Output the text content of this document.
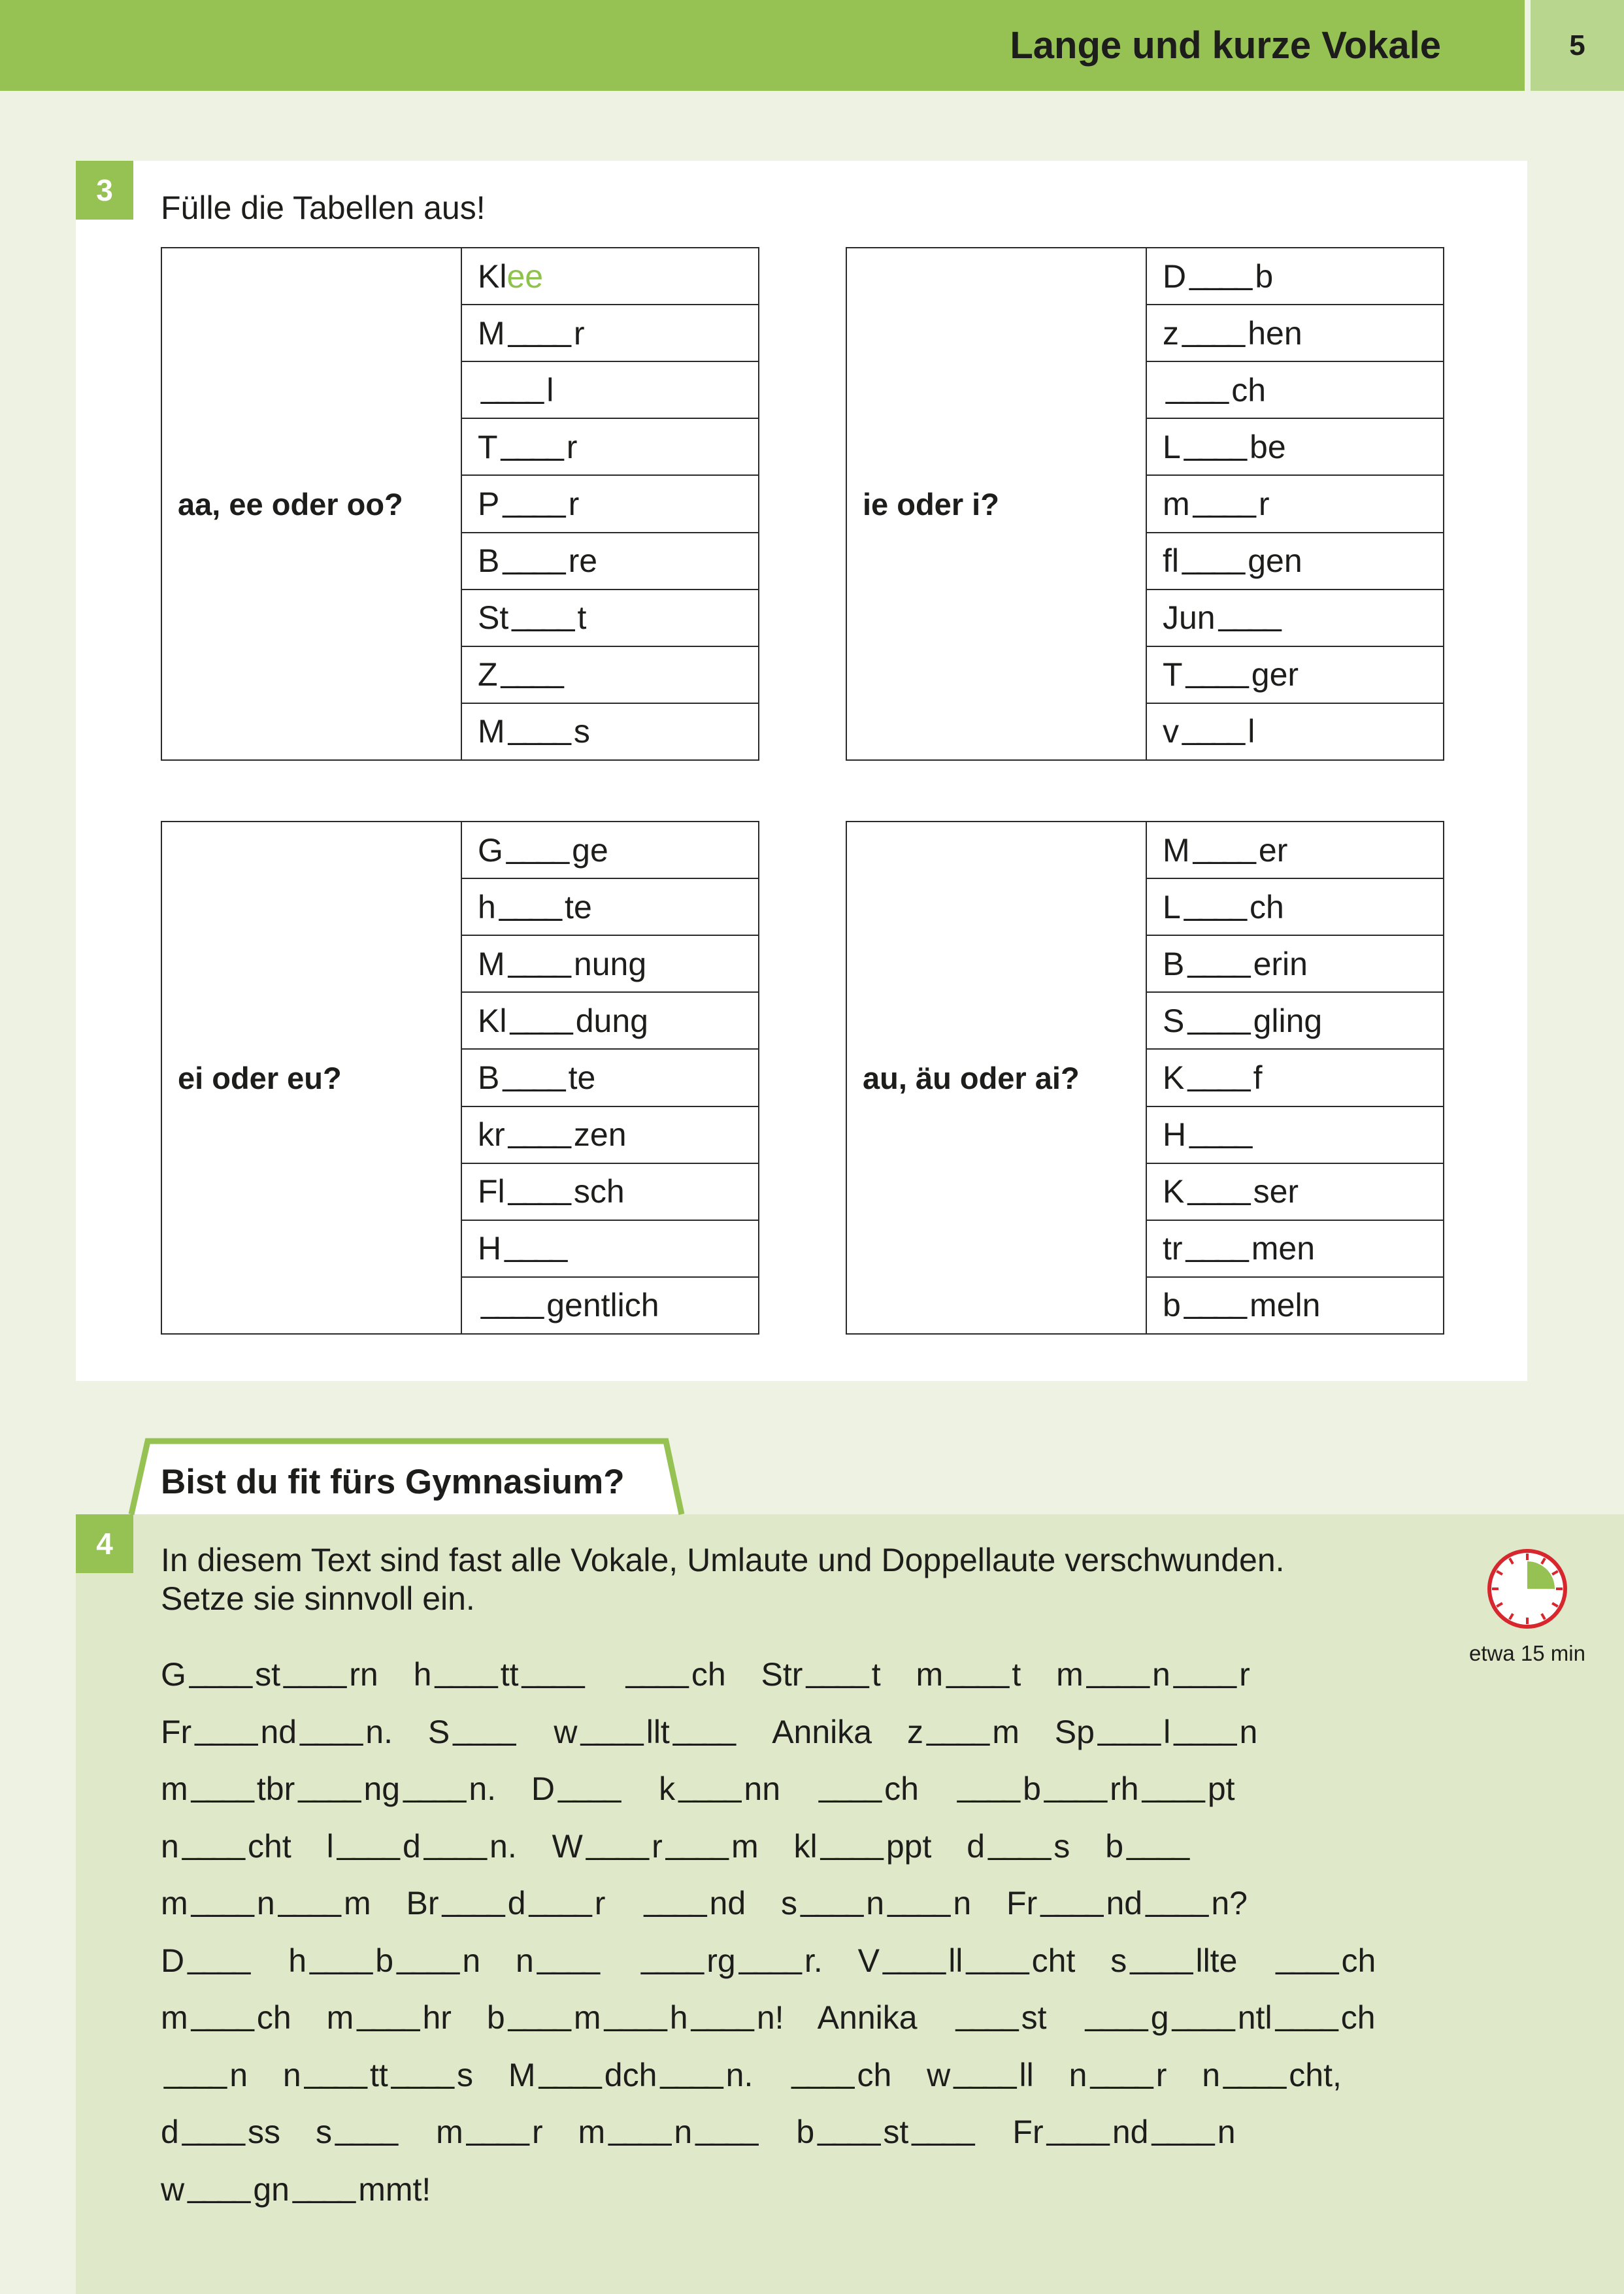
Lange und kurze Vokale	5
3	Fülle die Tabellen aus!
aa, ee oder oo?
Kl ee
M ____ r
____ l
T ____ r
P ____ r
B ____ re
St ____ t
Z ____
M ____ s
ie oder i?
D ____ b
z ____ hen
____ ch
L ____ be
m ____ r
fl ____ gen
Jun ____
T ____ ger
v ____ l
ei oder eu?
G ____ ge
h ____ te
M ____ nung
Kl ____ dung
B ____ te
kr ____ zen
Fl ____ sch
H ____
____ gentlich
au, äu oder ai?
M ____ er
L ____ ch
B ____ erin
S ____ gling
K ____ f
H ____
K ____ ser
tr ____ men
b ____ meln
Bist du fit fürs Gymnasium?
4	In diesem Text sind fast alle Vokale, Umlaute und Doppellaute verschwunden.
Setze sie sinnvoll ein.
etwa 15 min
G ____ st ____ rn h ____ tt ____ ____ ch Str ____ t m ____ t m ____ n ____ r
Fr ____ nd ____ n. S ____ w ____ llt ____ Annika z ____ m Sp ____ l ____ n
m ____ tbr ____ ng ____ n. D ____ k ____ nn ____ ch ____ b ____ rh ____ pt
n ____ cht l ____ d ____ n. W ____ r ____ m kl ____ ppt d ____ s b ____
m ____ n ____ m Br ____ d ____ r ____ nd s ____ n ____ n Fr ____ nd ____ n?
D ____ h ____ b ____ n n ____ ____ rg ____ r. V ____ ll ____ cht s ____ llte ____ ch
m ____ ch m ____ hr b ____ m ____ h ____ n! Annika ____ st ____ g ____ ntl ____ ch
____ n n ____ tt ____ s M ____ dch ____ n. ____ ch w ____ ll n ____ r n ____ cht,
d ____ ss s ____ m ____ r m ____ n ____ b ____ st ____ Fr ____ nd ____ n
w ____ gn ____ mmt!
